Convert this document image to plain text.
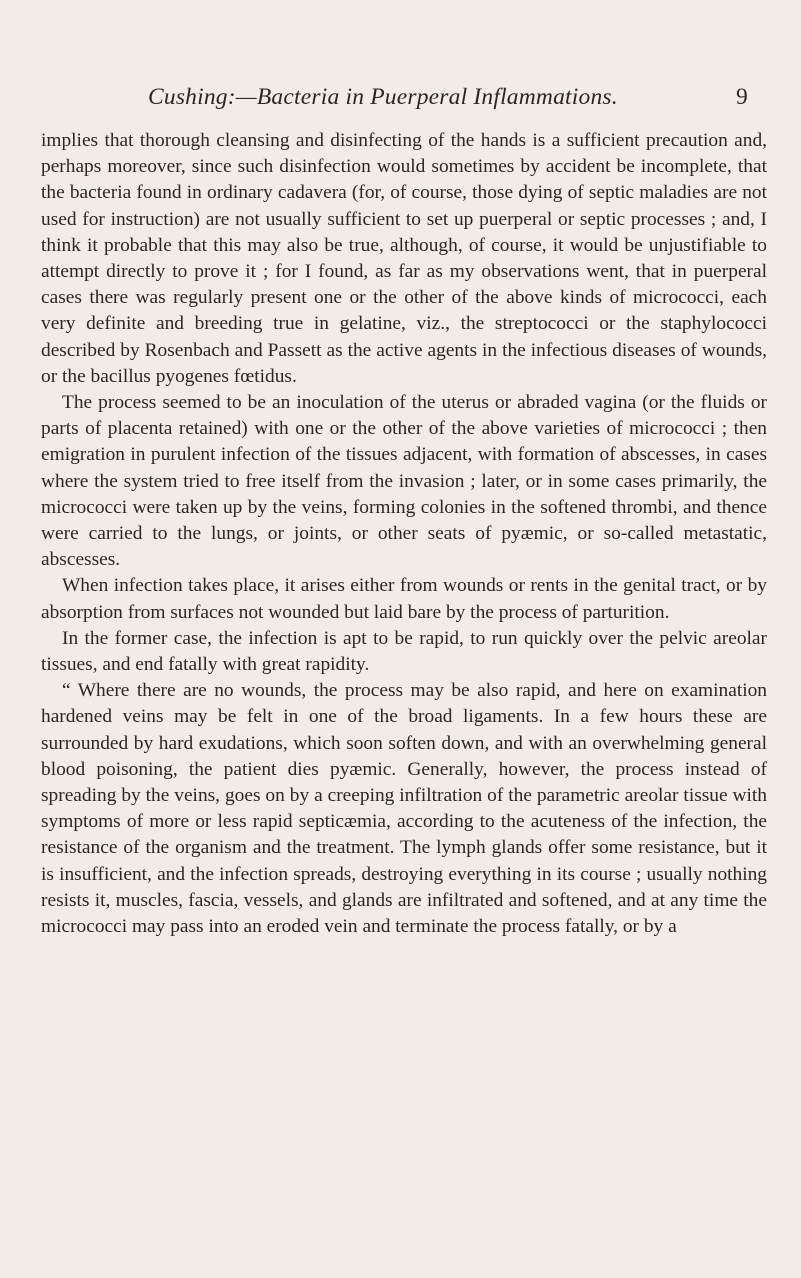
Cushing:—Bacteria in Puerperal Inflammations.	9

implies that thorough cleansing and disinfecting of the hands is a sufficient precaution and, perhaps moreover, since such disinfection would sometimes by accident be incomplete, that the bacteria found in ordinary cadavera (for, of course, those dying of septic maladies are not used for instruction) are not usually sufficient to set up puerperal or septic processes ; and, I think it probable that this may also be true, although, of course, it would be unjustifiable to attempt directly to prove it ; for I found, as far as my observations went, that in puerperal cases there was regularly present one or the other of the above kinds of micrococci, each very definite and breeding true in gelatine, viz., the streptococci or the staphylococci described by Rosenbach and Passett as the active agents in the infectious diseases of wounds, or the bacillus pyogenes fœtidus.

The process seemed to be an inoculation of the uterus or abraded vagina (or the fluids or parts of placenta retained) with one or the other of the above varieties of micrococci ; then emigration in purulent infection of the tissues adjacent, with formation of abscesses, in cases where the system tried to free itself from the invasion ; later, or in some cases primarily, the micrococci were taken up by the veins, forming colonies in the softened thrombi, and thence were carried to the lungs, or joints, or other seats of pyæmic, or so-called metastatic, abscesses.

When infection takes place, it arises either from wounds or rents in the genital tract, or by absorption from surfaces not wounded but laid bare by the process of parturition.

In the former case, the infection is apt to be rapid, to run quickly over the pelvic areolar tissues, and end fatally with great rapidity.

“ Where there are no wounds, the process may be also rapid, and here on examination hardened veins may be felt in one of the broad ligaments. In a few hours these are surrounded by hard exudations, which soon soften down, and with an overwhelming general blood poisoning, the patient dies pyæmic. Generally, however, the process instead of spreading by the veins, goes on by a creeping infiltration of the parametric areolar tissue with symptoms of more or less rapid septicæmia, according to the acuteness of the infection, the resistance of the organism and the treatment. The lymph glands offer some resistance, but it is insufficient, and the infection spreads, destroying everything in its course ; usually nothing resists it, muscles, fascia, vessels, and glands are infiltrated and softened, and at any time the micrococci may pass into an eroded vein and terminate the process fatally, or by a
